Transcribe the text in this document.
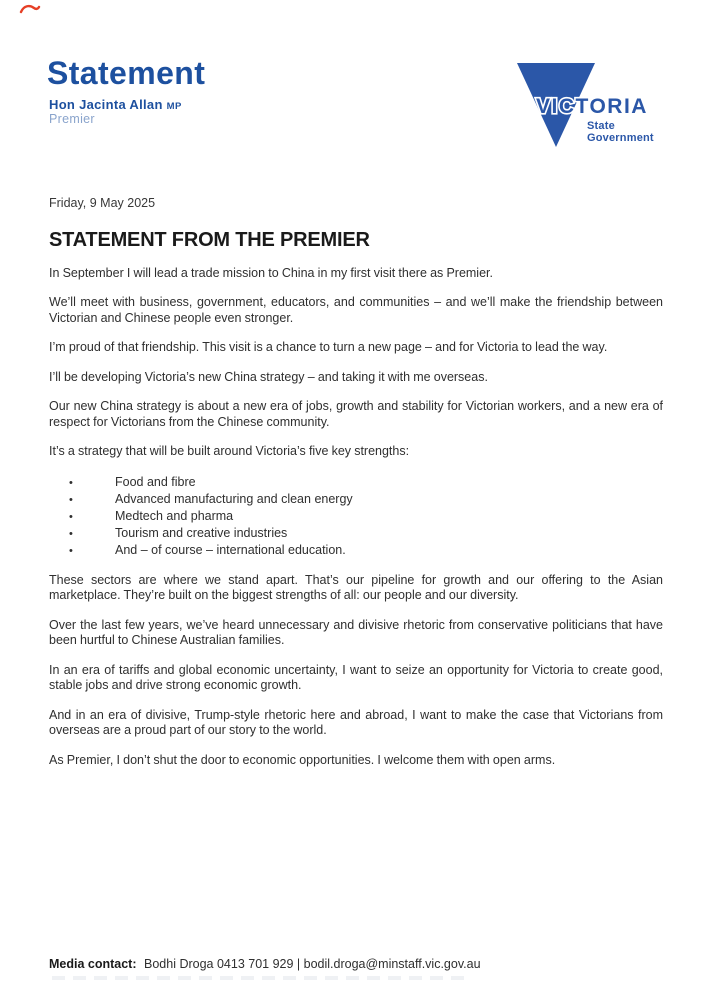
Statement
Hon Jacinta Allan MP
Premier
VICTORIA
State
Government
Friday, 9 May 2025
STATEMENT FROM THE PREMIER

In September I will lead a trade mission to China in my first visit there as Premier.

We’ll meet with business, government, educators, and communities – and we’ll make the friendship between Victorian and Chinese people even stronger.

I’m proud of that friendship. This visit is a chance to turn a new page – and for Victoria to lead the way.

I’ll be developing Victoria’s new China strategy – and taking it with me overseas.

Our new China strategy is about a new era of jobs, growth and stability for Victorian workers, and a new era of respect for Victorians from the Chinese community.

It’s a strategy that will be built around Victoria’s five key strengths:

•	Food and fibre
•	Advanced manufacturing and clean energy
•	Medtech and pharma
•	Tourism and creative industries
•	And – of course – international education.

These sectors are where we stand apart. That’s our pipeline for growth and our offering to the Asian marketplace. They’re built on the biggest strengths of all: our people and our diversity.

Over the last few years, we’ve heard unnecessary and divisive rhetoric from conservative politicians that have been hurtful to Chinese Australian families.

In an era of tariffs and global economic uncertainty, I want to seize an opportunity for Victoria to create good, stable jobs and drive strong economic growth.

And in an era of divisive, Trump-style rhetoric here and abroad, I want to make the case that Victorians from overseas are a proud part of our story to the world.

As Premier, I don’t shut the door to economic opportunities. I welcome them with open arms.

Media contact: Bodhi Droga 0413 701 929 | bodil.droga@minstaff.vic.gov.au
